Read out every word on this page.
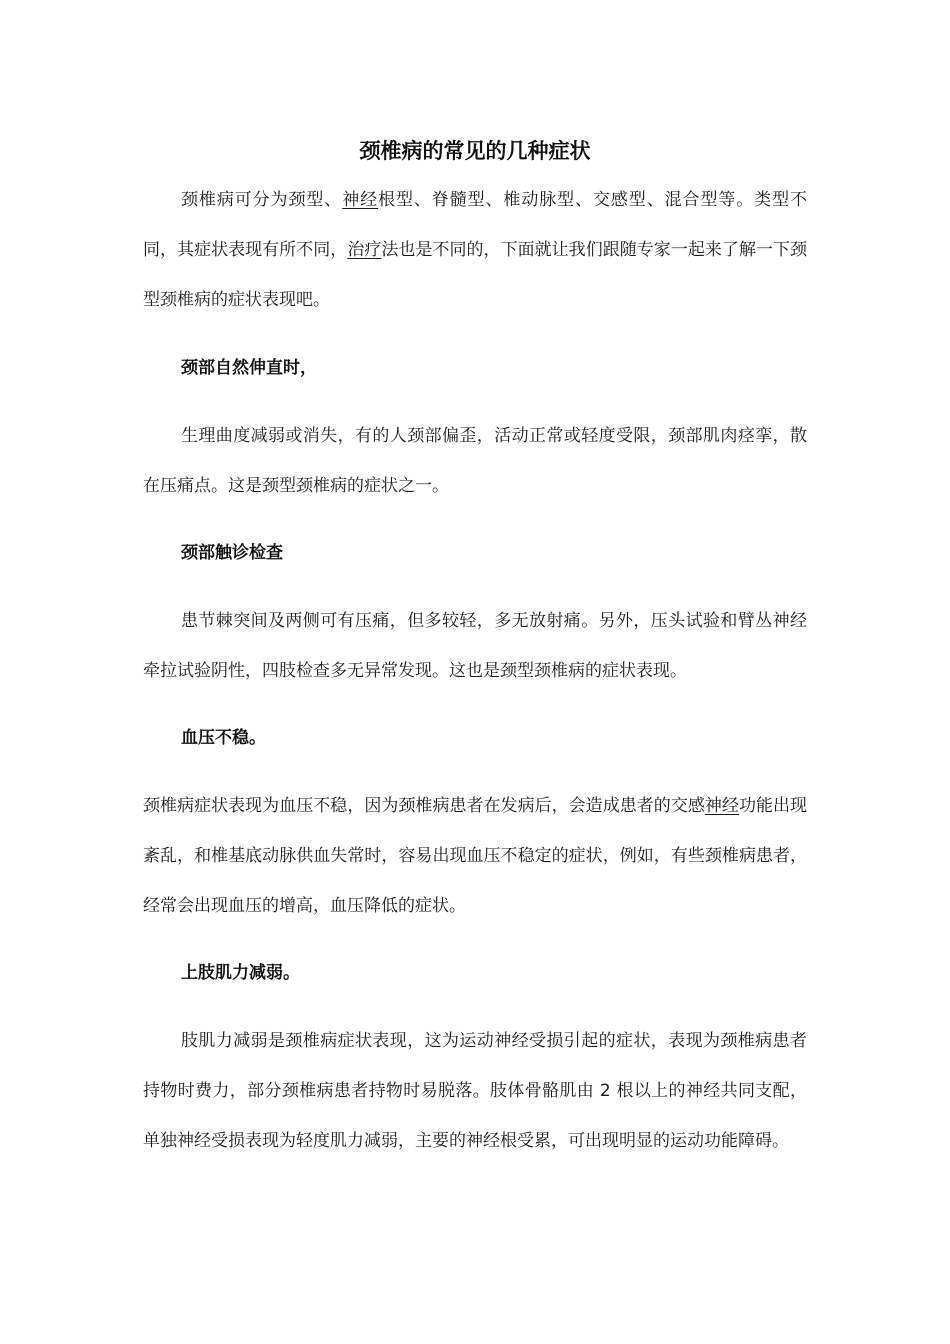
颈椎病的常见的几种症状

颈椎病可分为颈型、神经根型、脊髓型、椎动脉型、交感型、混合型等。类型不同，其症状表现有所不同，治疗法也是不同的，下面就让我们跟随专家一起来了解一下颈型颈椎病的症状表现吧。

颈部自然伸直时，

生理曲度减弱或消失，有的人颈部偏歪，活动正常或轻度受限，颈部肌肉痉挛，散在压痛点。这是颈型颈椎病的症状之一。

颈部触诊检查

患节棘突间及两侧可有压痛，但多较轻，多无放射痛。另外，压头试验和臂丛神经牵拉试验阴性，四肢检查多无异常发现。这也是颈型颈椎病的症状表现。

血压不稳。

颈椎病症状表现为血压不稳，因为颈椎病患者在发病后，会造成患者的交感神经功能出现紊乱，和椎基底动脉供血失常时，容易出现血压不稳定的症状，例如，有些颈椎病患者，经常会出现血压的增高，血压降低的症状。

上肢肌力减弱。

肢肌力减弱是颈椎病症状表现，这为运动神经受损引起的症状，表现为颈椎病患者持物时费力，部分颈椎病患者持物时易脱落。肢体骨骼肌由 2 根以上的神经共同支配，单独神经受损表现为轻度肌力减弱，主要的神经根受累，可出现明显的运动功能障碍。
